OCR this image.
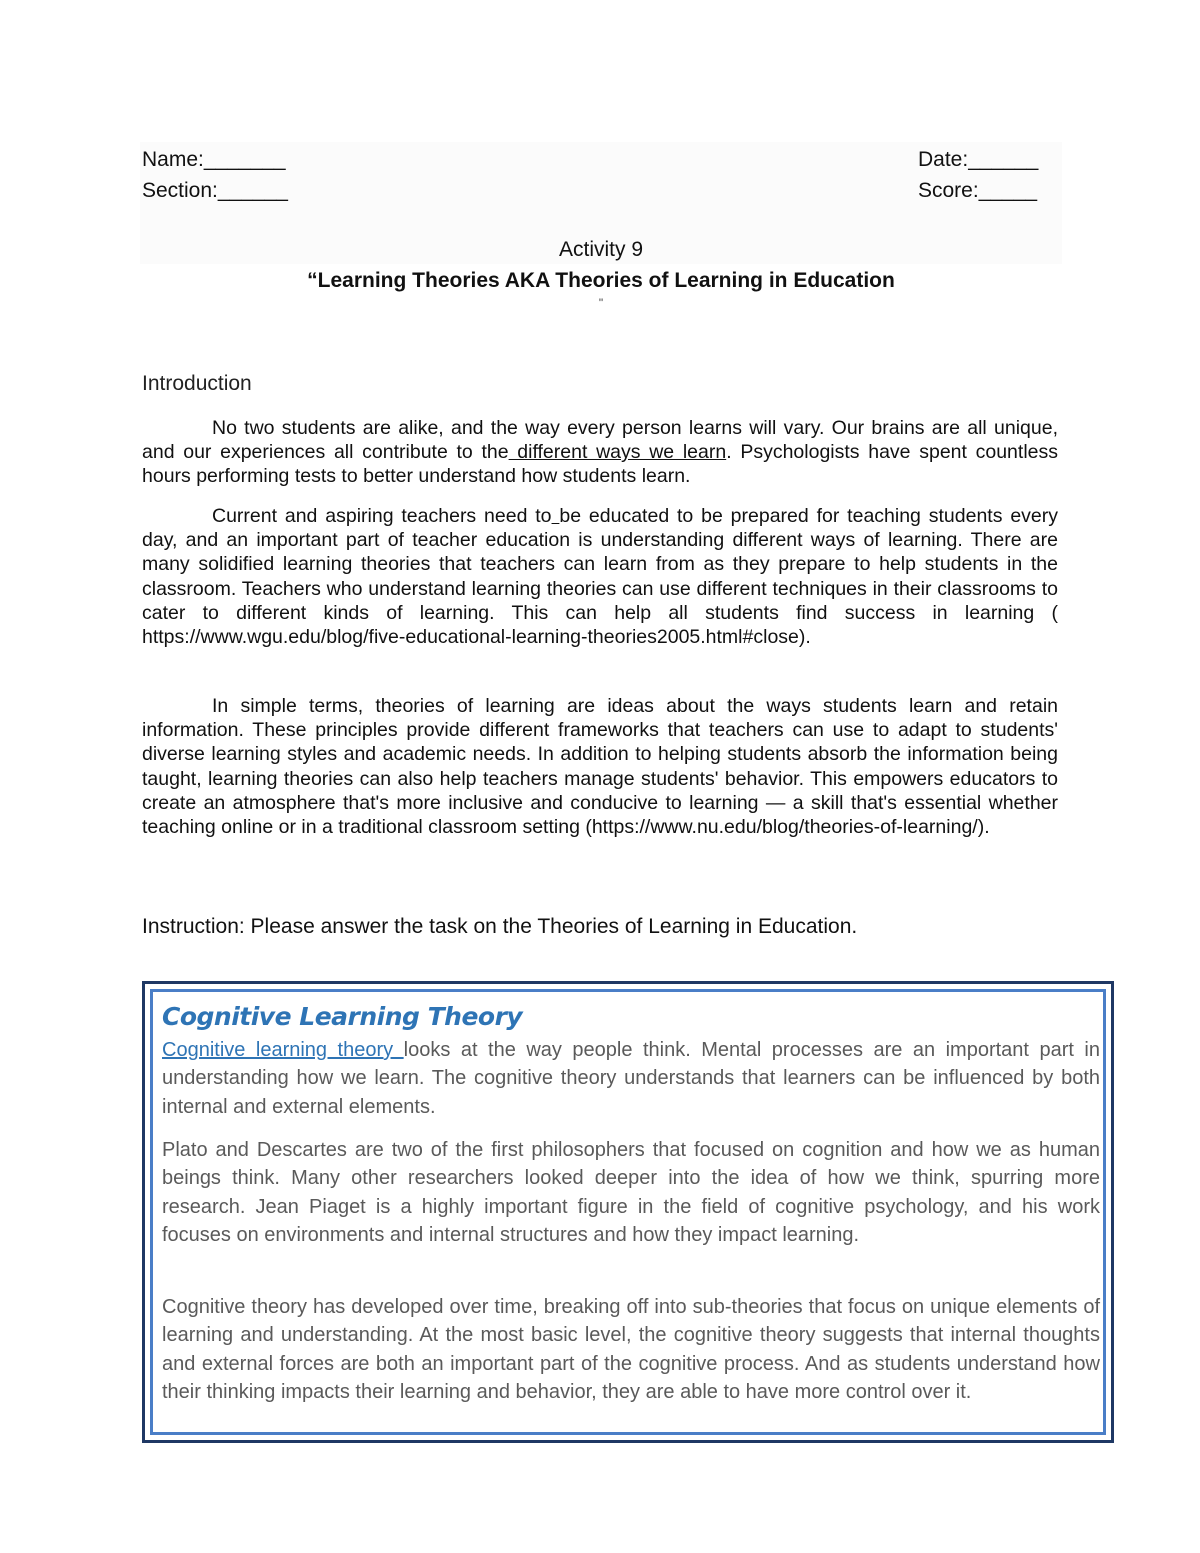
Name:_______
Section:______
Date:______
Score:_____
Activity 9
“Learning Theories AKA Theories of Learning in Education
"
Introduction

No two students are alike, and the way every person learns will vary. Our brains are all unique, and our experiences all contribute to the different ways we learn. Psychologists have spent countless hours performing tests to better understand how students learn.

Current and aspiring teachers need to be educated to be prepared for teaching students every day, and an important part of teacher education is understanding different ways of learning. There are many solidified learning theories that teachers can learn from as they prepare to help students in the classroom. Teachers who understand learning theories can use different techniques in their classrooms to cater to different kinds of learning. This can help all students find success in learning ( https://www.wgu.edu/blog/five-educational-learning-theories2005.html#close).

In simple terms, theories of learning are ideas about the ways students learn and retain information. These principles provide different frameworks that teachers can use to adapt to students' diverse learning styles and academic needs. In addition to helping students absorb the information being taught, learning theories can also help teachers manage students' behavior. This empowers educators to create an atmosphere that's more inclusive and conducive to learning — a skill that's essential whether teaching online or in a traditional classroom setting (https://www.nu.edu/blog/theories-of-learning/).

Instruction: Please answer the task on the Theories of Learning in Education.
Cognitive Learning Theory

Cognitive learning theory looks at the way people think. Mental processes are an important part in understanding how we learn. The cognitive theory understands that learners can be influenced by both internal and external elements.

Plato and Descartes are two of the first philosophers that focused on cognition and how we as human beings think. Many other researchers looked deeper into the idea of how we think, spurring more research. Jean Piaget is a highly important figure in the field of cognitive psychology, and his work focuses on environments and internal structures and how they impact learning.

Cognitive theory has developed over time, breaking off into sub-theories that focus on unique elements of learning and understanding. At the most basic level, the cognitive theory suggests that internal thoughts and external forces are both an important part of the cognitive process. And as students understand how their thinking impacts their learning and behavior, they are able to have more control over it.
